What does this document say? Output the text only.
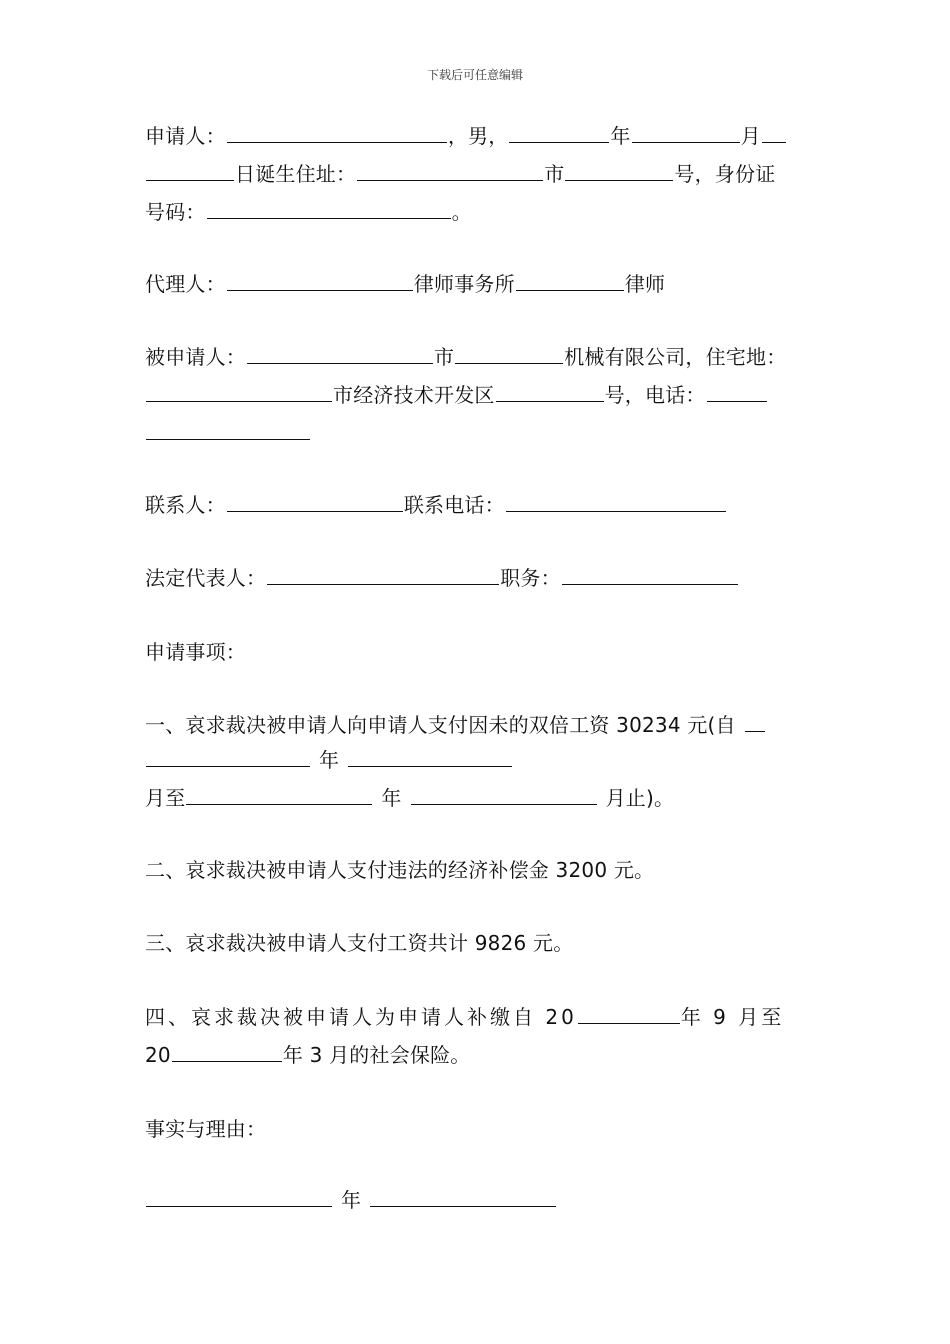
下载后可任意编辑
申请人：	，男，	年	月
日诞生住址：	市	号，身份证
号码：	。
代理人：	律师事务所	律师
被申请人：	市	机械有限公司，住宅地：
市经济技术开发区	号，电话：
联系人：	联系电话：
法定代表人：	职务：
申请事项：
一、哀求裁决被申请人向申请人支付因未的双倍工资 30234 元(自
年
月至	年	月止)。
二、哀求裁决被申请人支付违法的经济补偿金 3200 元。
三、哀求裁决被申请人支付工资共计 9826 元。
四、哀求裁决被申请人为申请人补缴自 20	年 9 月至
20	年 3 月的社会保险。
事实与理由：
年
